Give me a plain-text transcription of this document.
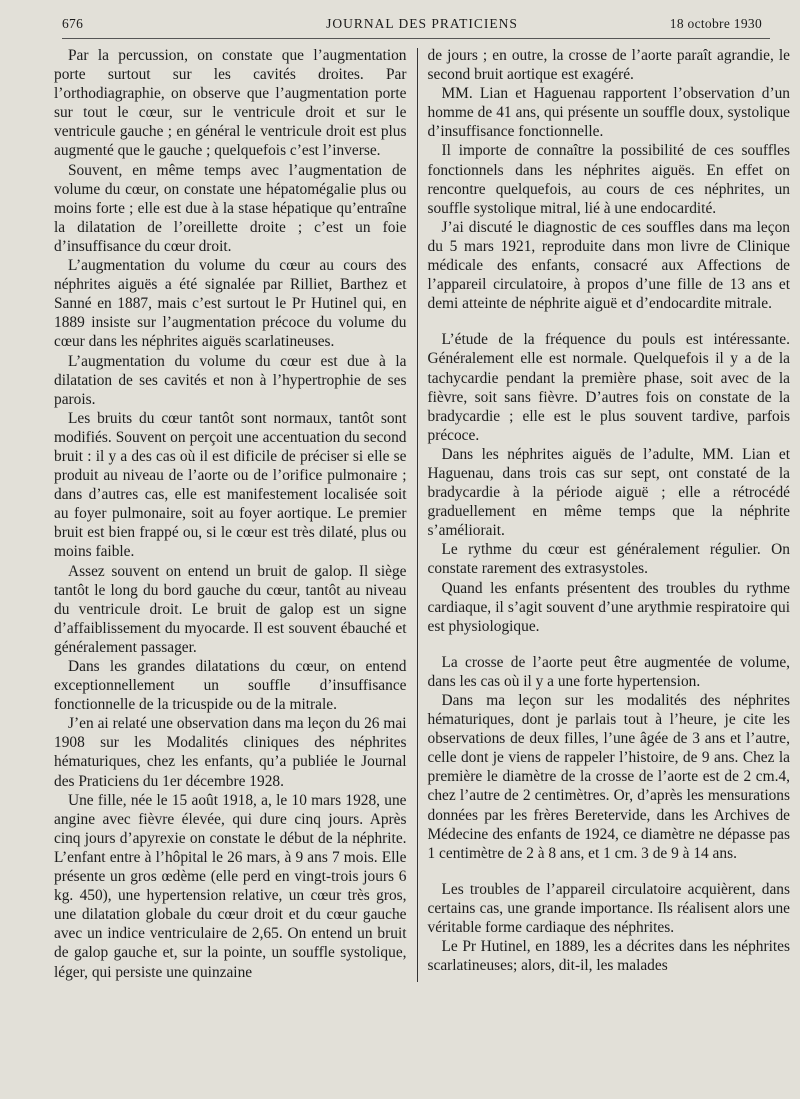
676	JOURNAL DES PRATICIENS	18 octobre 1930

Par la percussion, on constate que l’augmentation porte surtout sur les cavités droites. Par l’orthodiagraphie, on observe que l’augmentation porte sur tout le cœur, sur le ventricule droit et sur le ventricule gauche ; en général le ventricule droit est plus augmenté que le gauche ; quelquefois c’est l’inverse.

Souvent, en même temps avec l’augmentation de volume du cœur, on constate une hépatomégalie plus ou moins forte ; elle est due à la stase hépatique qu’entraîne la dilatation de l’oreillette droite ; c’est un foie d’insuffisance du cœur droit.

L’augmentation du volume du cœur au cours des néphrites aiguës a été signalée par Rilliet, Barthez et Sanné en 1887, mais c’est surtout le Pr Hutinel qui, en 1889 insiste sur l’augmentation précoce du volume du cœur dans les néphrites aiguës scarlatineuses.

L’augmentation du volume du cœur est due à la dilatation de ses cavités et non à l’hypertrophie de ses parois.

Les bruits du cœur tantôt sont normaux, tantôt sont modifiés. Souvent on perçoit une accentuation du second bruit : il y a des cas où il est dificile de préciser si elle se produit au niveau de l’aorte ou de l’orifice pulmonaire ; dans d’autres cas, elle est manifestement localisée soit au foyer pulmonaire, soit au foyer aortique. Le premier bruit est bien frappé ou, si le cœur est très dilaté, plus ou moins faible.

Assez souvent on entend un bruit de galop. Il siège tantôt le long du bord gauche du cœur, tantôt au niveau du ventricule droit. Le bruit de galop est un signe d’affaiblissement du myocarde. Il est souvent ébauché et généralement passager.

Dans les grandes dilatations du cœur, on entend exceptionnellement un souffle d’insuffisance fonctionnelle de la tricuspide ou de la mitrale.

J’en ai relaté une observation dans ma leçon du 26 mai 1908 sur les Modalités cliniques des néphrites hématuriques, chez les enfants, qu’a publiée le Journal des Praticiens du 1er décembre 1928.

Une fille, née le 15 août 1918, a, le 10 mars 1928, une angine avec fièvre élevée, qui dure cinq jours. Après cinq jours d’apyrexie on constate le début de la néphrite. L’enfant entre à l’hôpital le 26 mars, à 9 ans 7 mois. Elle présente un gros œdème (elle perd en vingt-trois jours 6 kg. 450), une hypertension relative, un cœur très gros, une dilatation globale du cœur droit et du cœur gauche avec un indice ventriculaire de 2,65. On entend un bruit de galop gauche et, sur la pointe, un souffle systolique, léger, qui persiste une quinzaine

de jours ; en outre, la crosse de l’aorte paraît agrandie, le second bruit aortique est exagéré.

MM. Lian et Haguenau rapportent l’observation d’un homme de 41 ans, qui présente un souffle doux, systolique d’insuffisance fonctionnelle.

Il importe de connaître la possibilité de ces souffles fonctionnels dans les néphrites aiguës. En effet on rencontre quelquefois, au cours de ces néphrites, un souffle systolique mitral, lié à une endocardité.

J’ai discuté le diagnostic de ces souffles dans ma leçon du 5 mars 1921, reproduite dans mon livre de Clinique médicale des enfants, consacré aux Affections de l’appareil circulatoire, à propos d’une fille de 13 ans et demi atteinte de néphrite aiguë et d’endocardite mitrale.

L’étude de la fréquence du pouls est intéressante. Généralement elle est normale. Quelquefois il y a de la tachycardie pendant la première phase, soit avec de la fièvre, soit sans fièvre. D’autres fois on constate de la bradycardie ; elle est le plus souvent tardive, parfois précoce.

Dans les néphrites aiguës de l’adulte, MM. Lian et Haguenau, dans trois cas sur sept, ont constaté de la bradycardie à la période aiguë ; elle a rétrocédé graduellement en même temps que la néphrite s’améliorait.

Le rythme du cœur est généralement régulier. On constate rarement des extrasystoles.

Quand les enfants présentent des troubles du rythme cardiaque, il s’agit souvent d’une arythmie respiratoire qui est physiologique.

La crosse de l’aorte peut être augmentée de volume, dans les cas où il y a une forte hypertension.

Dans ma leçon sur les modalités des néphrites hématuriques, dont je parlais tout à l’heure, je cite les observations de deux filles, l’une âgée de 3 ans et l’autre, celle dont je viens de rappeler l’histoire, de 9 ans. Chez la première le diamètre de la crosse de l’aorte est de 2 cm.4, chez l’autre de 2 centimètres. Or, d’après les mensurations données par les frères Beretervide, dans les Archives de Médecine des enfants de 1924, ce diamètre ne dépasse pas 1 centimètre de 2 à 8 ans, et 1 cm. 3 de 9 à 14 ans.

Les troubles de l’appareil circulatoire acquièrent, dans certains cas, une grande importance. Ils réalisent alors une véritable forme cardiaque des néphrites.

Le Pr Hutinel, en 1889, les a décrites dans les néphrites scarlatineuses; alors, dit-il, les malades
